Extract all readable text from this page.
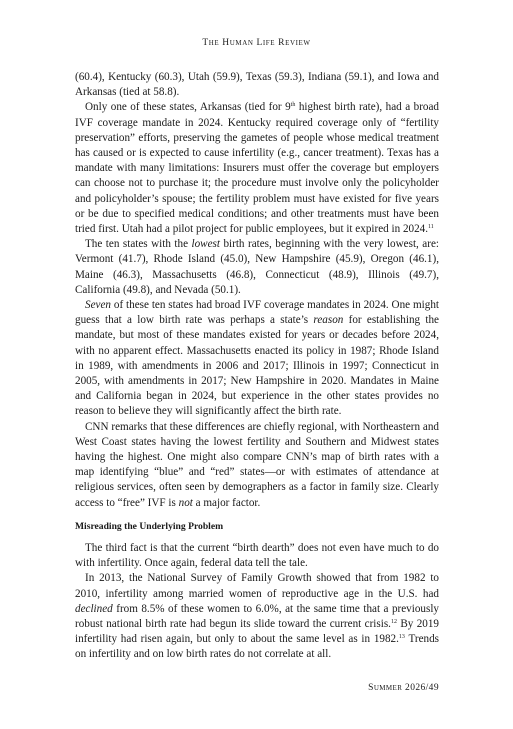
The Human Life Review

(60.4), Kentucky (60.3), Utah (59.9), Texas (59.3), Indiana (59.1), and Iowa and Arkansas (tied at 58.8).

Only one of these states, Arkansas (tied for 9th highest birth rate), had a broad IVF coverage mandate in 2024. Kentucky required coverage only of “fertility preservation” efforts, preserving the gametes of people whose medical treatment has caused or is expected to cause infertility (e.g., cancer treatment). Texas has a mandate with many limitations: Insurers must offer the coverage but employers can choose not to purchase it; the procedure must involve only the policyholder and policyholder’s spouse; the fertility problem must have existed for five years or be due to specified medical conditions; and other treatments must have been tried first. Utah had a pilot project for public employees, but it expired in 2024.11

The ten states with the lowest birth rates, beginning with the very lowest, are: Vermont (41.7), Rhode Island (45.0), New Hampshire (45.9), Oregon (46.1), Maine (46.3), Massachusetts (46.8), Connecticut (48.9), Illinois (49.7), California (49.8), and Nevada (50.1).

Seven of these ten states had broad IVF coverage mandates in 2024. One might guess that a low birth rate was perhaps a state’s reason for establishing the mandate, but most of these mandates existed for years or decades before 2024, with no apparent effect. Massachusetts enacted its policy in 1987; Rhode Island in 1989, with amendments in 2006 and 2017; Illinois in 1997; Connecticut in 2005, with amendments in 2017; New Hampshire in 2020. Mandates in Maine and California began in 2024, but experience in the other states provides no reason to believe they will significantly affect the birth rate.

CNN remarks that these differences are chiefly regional, with Northeastern and West Coast states having the lowest fertility and Southern and Midwest states having the highest. One might also compare CNN’s map of birth rates with a map identifying “blue” and “red” states—or with estimates of attendance at religious services, often seen by demographers as a factor in family size. Clearly access to “free” IVF is not a major factor.

Misreading the Underlying Problem

The third fact is that the current “birth dearth” does not even have much to do with infertility. Once again, federal data tell the tale.

In 2013, the National Survey of Family Growth showed that from 1982 to 2010, infertility among married women of reproductive age in the U.S. had declined from 8.5% of these women to 6.0%, at the same time that a previously robust national birth rate had begun its slide toward the current crisis.$^{12}$ By 2019 infertility had risen again, but only to about the same level as in 1982.13 Trends on infertility and on low birth rates do not correlate at all.

Summer 2026/49
